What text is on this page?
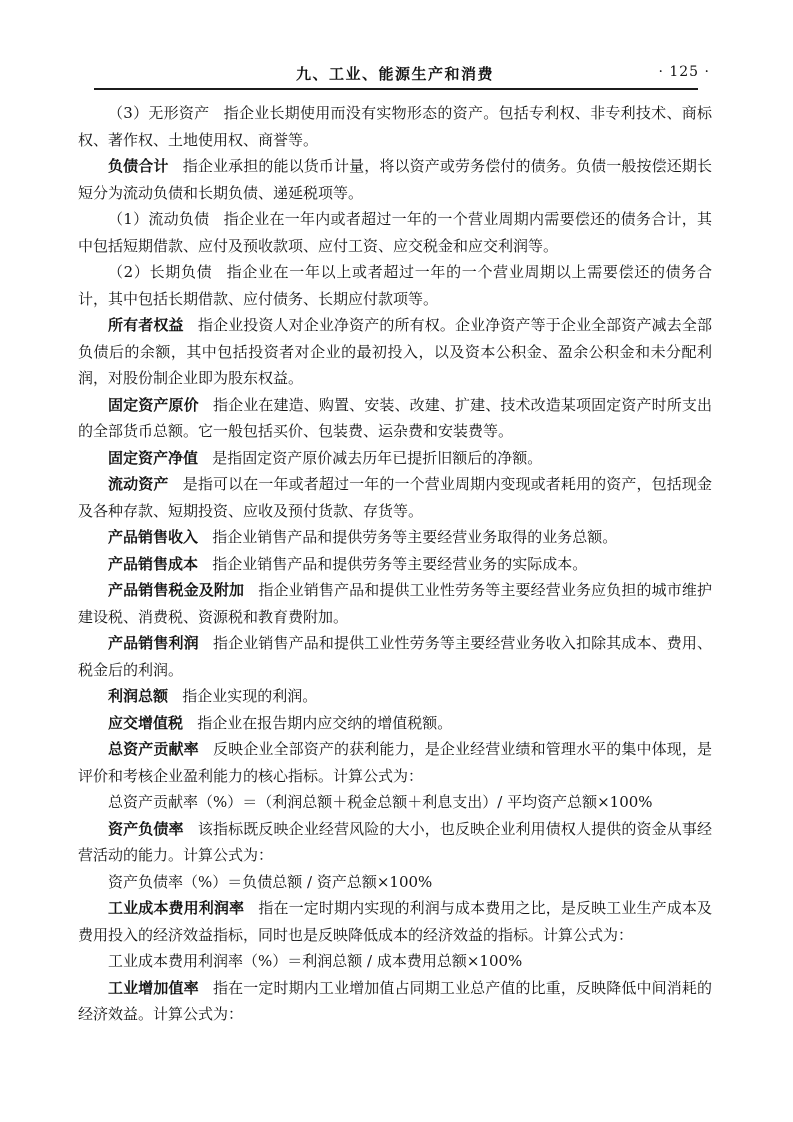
九、工业、能源生产和消费	· 125 ·

（3）无形资产 指企业长期使用而没有实物形态的资产。包括专利权、非专利技术、商标权、著作权、土地使用权、商誉等。

负债合计 指企业承担的能以货币计量，将以资产或劳务偿付的债务。负债一般按偿还期长短分为流动负债和长期负债、递延税项等。

（1）流动负债 指企业在一年内或者超过一年的一个营业周期内需要偿还的债务合计，其中包括短期借款、应付及预收款项、应付工资、应交税金和应交利润等。

（2）长期负债 指企业在一年以上或者超过一年的一个营业周期以上需要偿还的债务合计，其中包括长期借款、应付债务、长期应付款项等。

所有者权益 指企业投资人对企业净资产的所有权。企业净资产等于企业全部资产减去全部负债后的余额，其中包括投资者对企业的最初投入，以及资本公积金、盈余公积金和未分配利润，对股份制企业即为股东权益。

固定资产原价 指企业在建造、购置、安装、改建、扩建、技术改造某项固定资产时所支出的全部货币总额。它一般包括买价、包装费、运杂费和安装费等。

固定资产净值 是指固定资产原价减去历年已提折旧额后的净额。

流动资产 是指可以在一年或者超过一年的一个营业周期内变现或者耗用的资产，包括现金及各种存款、短期投资、应收及预付货款、存货等。

产品销售收入 指企业销售产品和提供劳务等主要经营业务取得的业务总额。

产品销售成本 指企业销售产品和提供劳务等主要经营业务的实际成本。

产品销售税金及附加 指企业销售产品和提供工业性劳务等主要经营业务应负担的城市维护建设税、消费税、资源税和教育费附加。

产品销售利润 指企业销售产品和提供工业性劳务等主要经营业务收入扣除其成本、费用、税金后的利润。

利润总额 指企业实现的利润。

应交增值税 指企业在报告期内应交纳的增值税额。

总资产贡献率 反映企业全部资产的获利能力，是企业经营业绩和管理水平的集中体现，是评价和考核企业盈利能力的核心指标。计算公式为：

总资产贡献率（%）＝（利润总额＋税金总额＋利息支出）/ 平均资产总额×100%

资产负债率 该指标既反映企业经营风险的大小，也反映企业利用债权人提供的资金从事经营活动的能力。计算公式为：

资产负债率（%）＝负债总额 / 资产总额×100%

工业成本费用利润率 指在一定时期内实现的利润与成本费用之比，是反映工业生产成本及费用投入的经济效益指标，同时也是反映降低成本的经济效益的指标。计算公式为：

工业成本费用利润率（%）＝利润总额 / 成本费用总额×100%

工业增加值率 指在一定时期内工业增加值占同期工业总产值的比重，反映降低中间消耗的经济效益。计算公式为：
